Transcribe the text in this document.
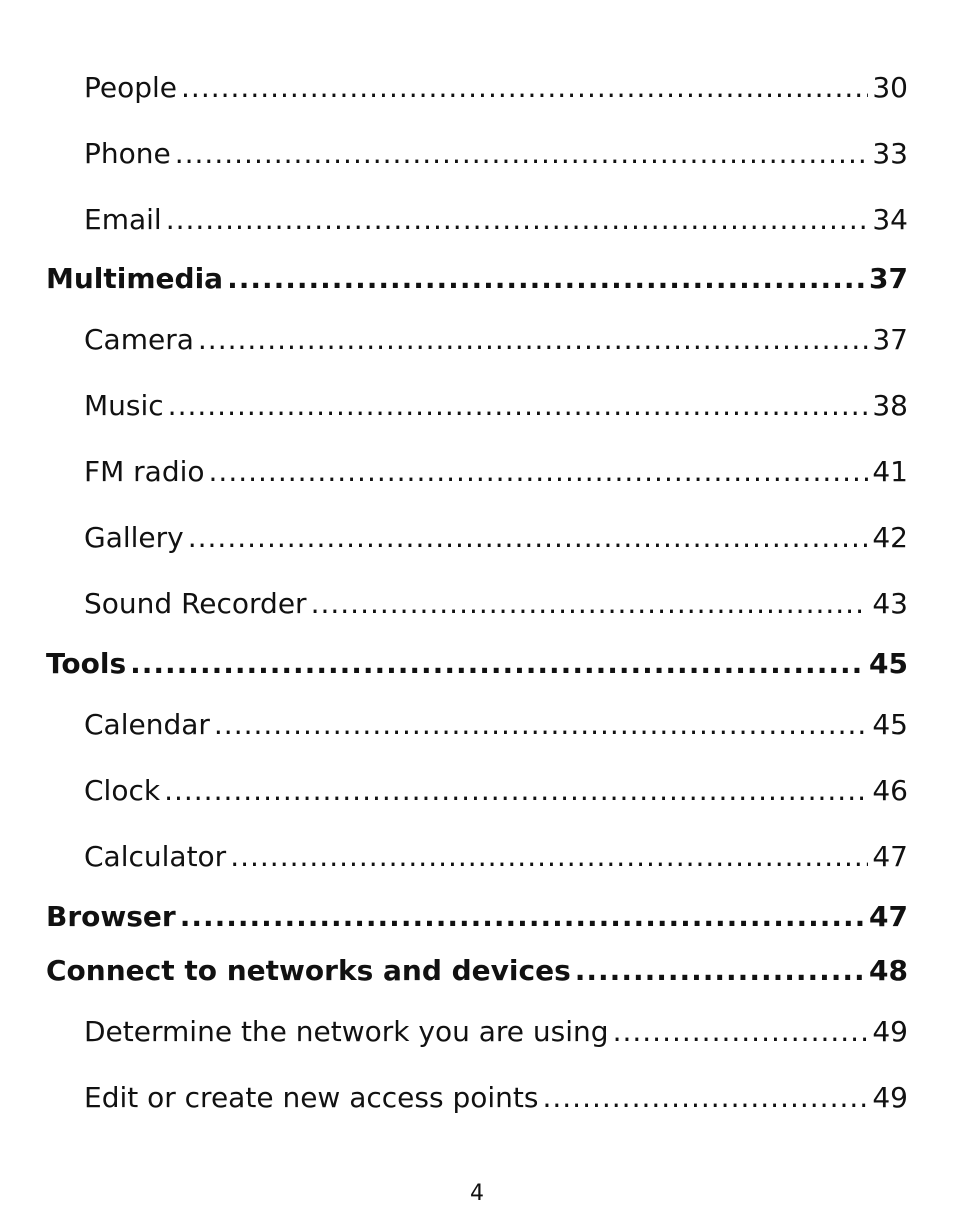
People .....	30
Phone .....	33
Email .....	34
Multimedia .....	37
Camera .....	37
Music .....	38
FM radio .....	41
Gallery .....	42
Sound Recorder .....	43
Tools .....	45
Calendar .....	45
Clock .....	46
Calculator .....	47
Browser .....	47
Connect to networks and devices .....	48
Determine the network you are using .....	49
Edit or create new access points .....	49
4
